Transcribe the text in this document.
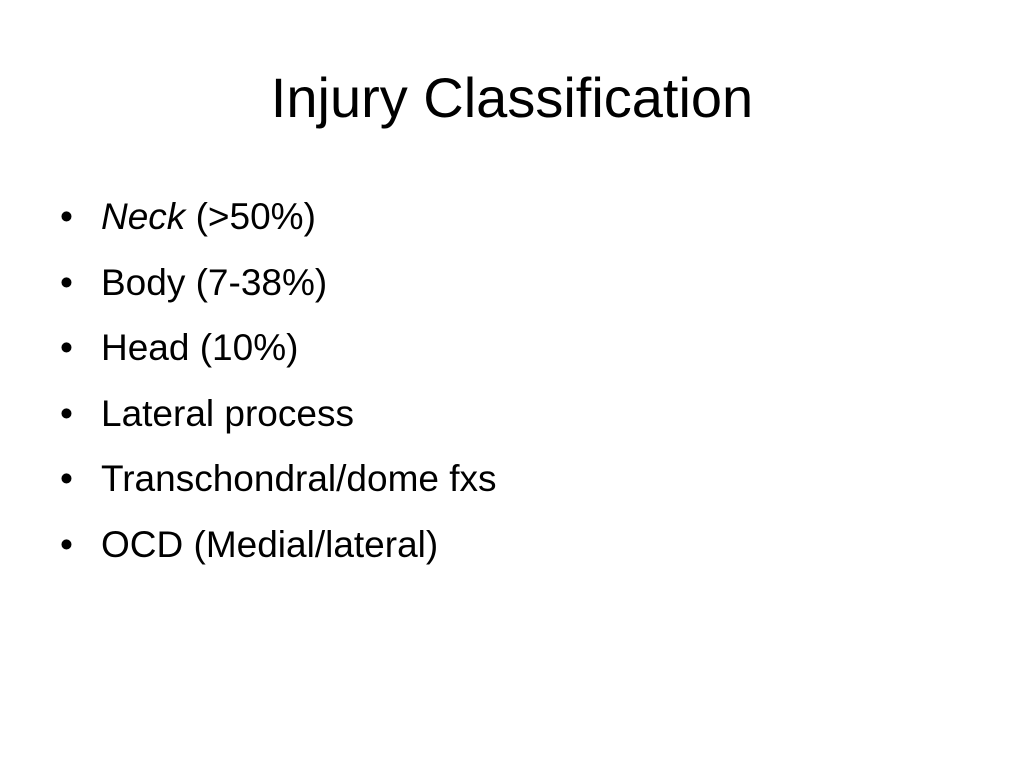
Injury Classification
• Neck (>50%)
• Body (7-38%)
• Head (10%)
• Lateral process
• Transchondral/dome fxs
• OCD (Medial/lateral)
